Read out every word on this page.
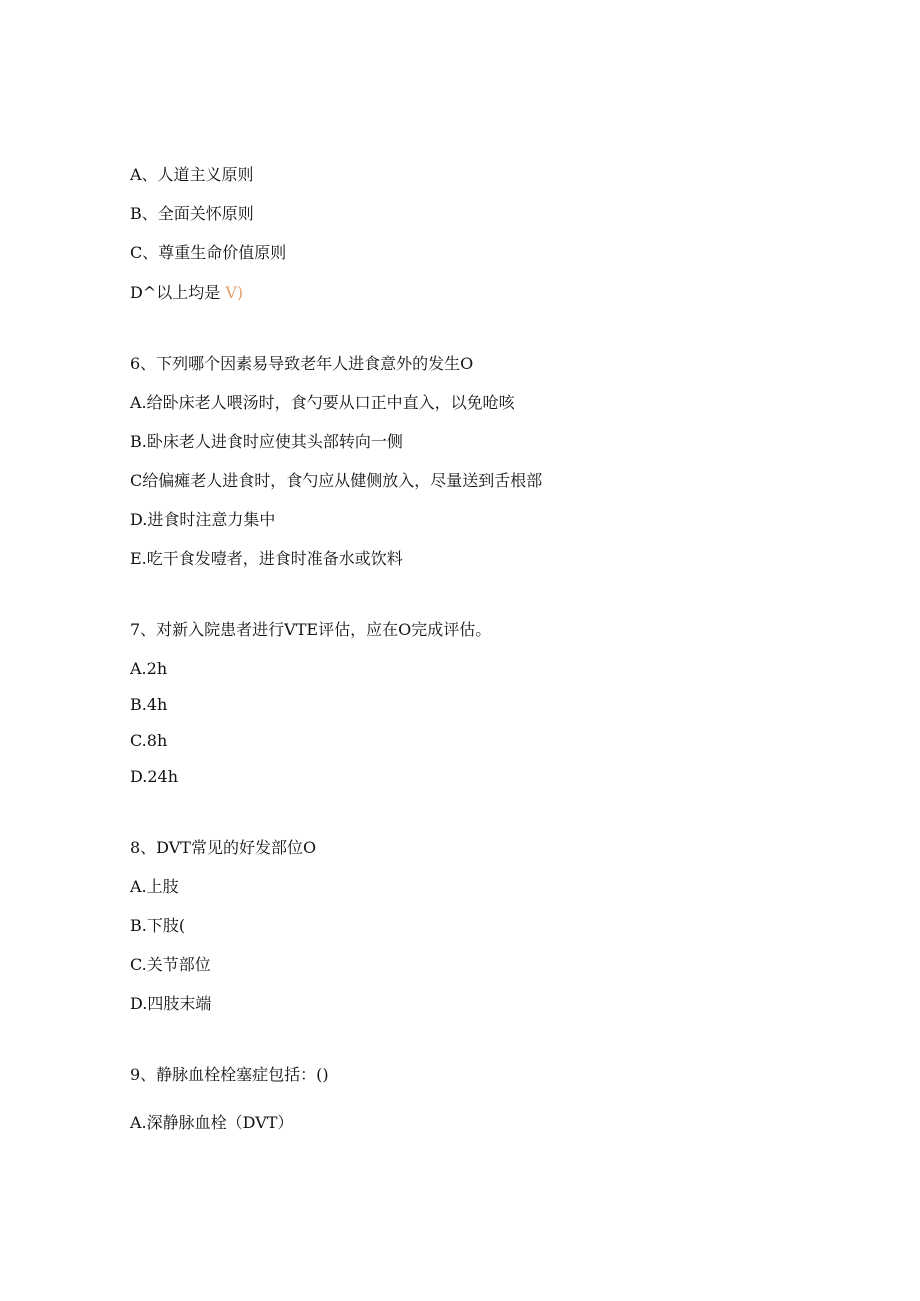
A、人道主义原则

B、全面关怀原则

C、尊重生命价值原则

D^以上均是 V)

6、下列哪个因素易导致老年人进食意外的发生O

A.给卧床老人喂汤时，食勺要从口正中直入，以免呛咳

B.卧床老人进食时应使其头部转向一侧

C给偏瘫老人进食时，食勺应从健侧放入，尽量送到舌根部

D.进食时注意力集中

E.吃干食发噎者，进食时准备水或饮料

7、对新入院患者进行VTE评估，应在O完成评估。

A.2h

B.4h

C.8h

D.24h

8、DVT常见的好发部位O

A.上肢

B.下肢(

C.关节部位

D.四肢末端

9、静脉血栓栓塞症包括：()

A.深静脉血栓（DVT）
